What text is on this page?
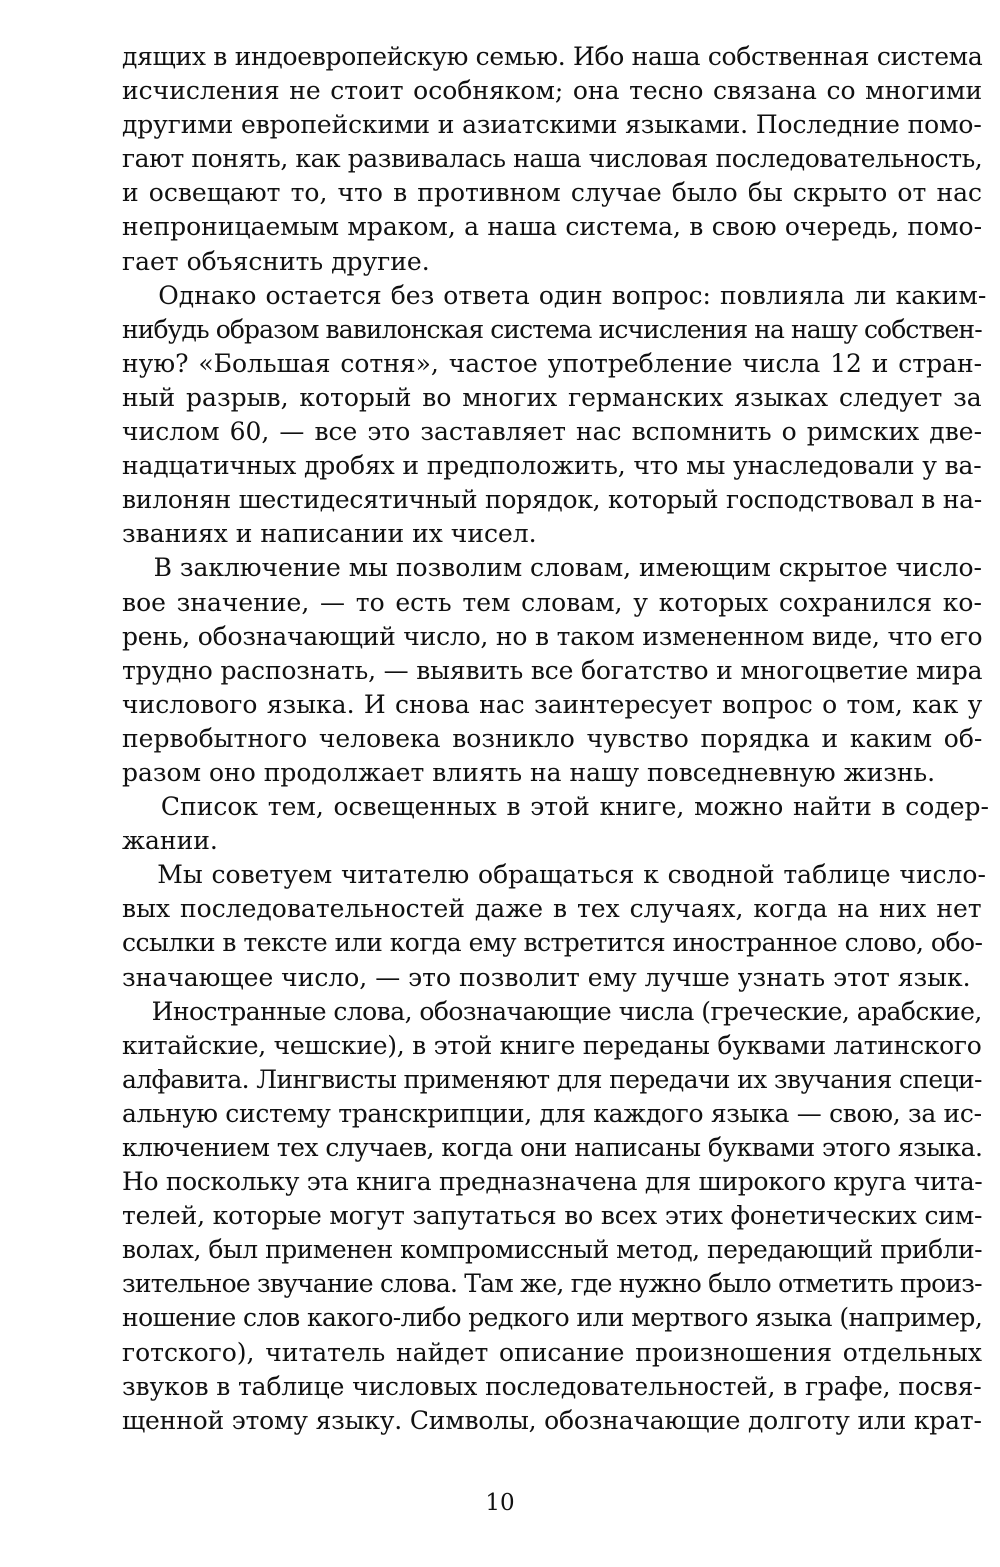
дящих в индоевропейскую семью. Ибо наша собственная система
исчисления не стоит особняком; она тесно связана со многими
другими европейскими и азиатскими языками. Последние помо-
гают понять, как развивалась наша числовая последовательность,
и освещают то, что в противном случае было бы скрыто от нас
непроницаемым мраком, а наша система, в свою очередь, помо-
гает объяснить другие.
Однако остается без ответа один вопрос: повлияла ли каким-
нибудь образом вавилонская система исчисления на нашу собствен-
ную? «Большая сотня», частое употребление числа 12 и стран-
ный разрыв, который во многих германских языках следует за
числом 60, — все это заставляет нас вспомнить о римских две-
надцатичных дробях и предположить, что мы унаследовали у ва-
вилонян шестидесятичный порядок, который господствовал в на-
званиях и написании их чисел.
В заключение мы позволим словам, имеющим скрытое число-
вое значение, — то есть тем словам, у которых сохранился ко-
рень, обозначающий число, но в таком измененном виде, что его
трудно распознать, — выявить все богатство и многоцветие мира
числового языка. И снова нас заинтересует вопрос о том, как у
первобытного человека возникло чувство порядка и каким об-
разом оно продолжает влиять на нашу повседневную жизнь.
Список тем, освещенных в этой книге, можно найти в содер-
жании.
Мы советуем читателю обращаться к сводной таблице число-
вых последовательностей даже в тех случаях, когда на них нет
ссылки в тексте или когда ему встретится иностранное слово, обо-
значающее число, — это позволит ему лучше узнать этот язык.
Иностранные слова, обозначающие числа (греческие, арабские,
китайские, чешские), в этой книге переданы буквами латинского
алфавита. Лингвисты применяют для передачи их звучания специ-
альную систему транскрипции, для каждого языка — свою, за ис-
ключением тех случаев, когда они написаны буквами этого языка.
Но поскольку эта книга предназначена для широкого круга чита-
телей, которые могут запутаться во всех этих фонетических сим-
волах, был применен компромиссный метод, передающий прибли-
зительное звучание слова. Там же, где нужно было отметить произ-
ношение слов какого-либо редкого или мертвого языка (например,
готского), читатель найдет описание произношения отдельных
звуков в таблице числовых последовательностей, в графе, посвя-
щенной этому языку. Символы, обозначающие долготу или крат-
10
